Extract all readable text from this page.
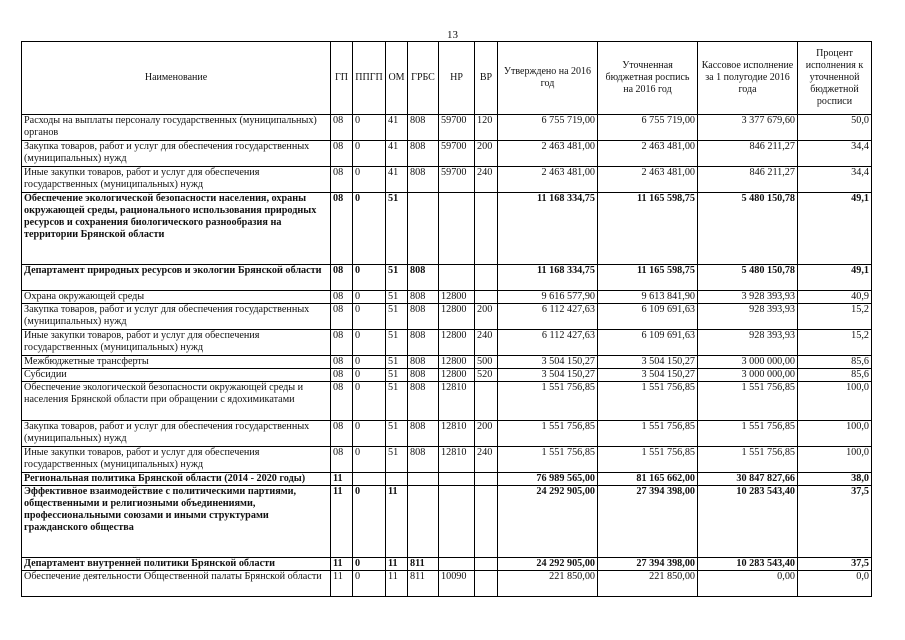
13
Наименование	ГП	ППГП	ОМ	ГРБС	НР	ВР	Утверждено на 2016 год	Уточненная бюджетная роспись на 2016 год	Кассовое исполнение за 1 полугодие 2016 года	Процент исполнения к уточненной бюджетной росписи
Расходы на выплаты персоналу государственных (муниципальных) органов	08	0	41	808	59700	120	6 755 719,00	6 755 719,00	3 377 679,60	50,0
Закупка товаров, работ и услуг для обеспечения государственных (муниципальных) нужд	08	0	41	808	59700	200	2 463 481,00	2 463 481,00	846 211,27	34,4
Иные закупки товаров, работ и услуг для обеспечения государственных (муниципальных) нужд	08	0	41	808	59700	240	2 463 481,00	2 463 481,00	846 211,27	34,4
Обеспечение экологической безопасности населения, охраны окружающей среды, рационального использования природных ресурсов и сохранения биологического разнообразия на территории Брянской области	08	0	51				11 168 334,75	11 165 598,75	5 480 150,78	49,1
Департамент природных ресурсов и экологии Брянской области	08	0	51	808			11 168 334,75	11 165 598,75	5 480 150,78	49,1
Охрана окружающей среды	08	0	51	808	12800		9 616 577,90	9 613 841,90	3 928 393,93	40,9
Закупка товаров, работ и услуг для обеспечения государственных (муниципальных) нужд	08	0	51	808	12800	200	6 112 427,63	6 109 691,63	928 393,93	15,2
Иные закупки товаров, работ и услуг для обеспечения государственных (муниципальных) нужд	08	0	51	808	12800	240	6 112 427,63	6 109 691,63	928 393,93	15,2
Межбюджетные трансферты	08	0	51	808	12800	500	3 504 150,27	3 504 150,27	3 000 000,00	85,6
Субсидии	08	0	51	808	12800	520	3 504 150,27	3 504 150,27	3 000 000,00	85,6
Обеспечение экологической безопасности окружающей среды и населения Брянской области при обращении с ядохимикатами	08	0	51	808	12810		1 551 756,85	1 551 756,85	1 551 756,85	100,0
Закупка товаров, работ и услуг для обеспечения государственных (муниципальных) нужд	08	0	51	808	12810	200	1 551 756,85	1 551 756,85	1 551 756,85	100,0
Иные закупки товаров, работ и услуг для обеспечения государственных (муниципальных) нужд	08	0	51	808	12810	240	1 551 756,85	1 551 756,85	1 551 756,85	100,0
Региональная политика Брянской области (2014 - 2020 годы)	11						76 989 565,00	81 165 662,00	30 847 827,66	38,0
Эффективное взаимодействие с политическими партиями, общественными и религиозными объединениями, профессиональными союзами и иными структурами гражданского общества	11	0	11				24 292 905,00	27 394 398,00	10 283 543,40	37,5
Департамент внутренней политики Брянской области	11	0	11	811			24 292 905,00	27 394 398,00	10 283 543,40	37,5
Обеспечение деятельности Общественной палаты Брянской области	11	0	11	811	10090		221 850,00	221 850,00	0,00	0,0
